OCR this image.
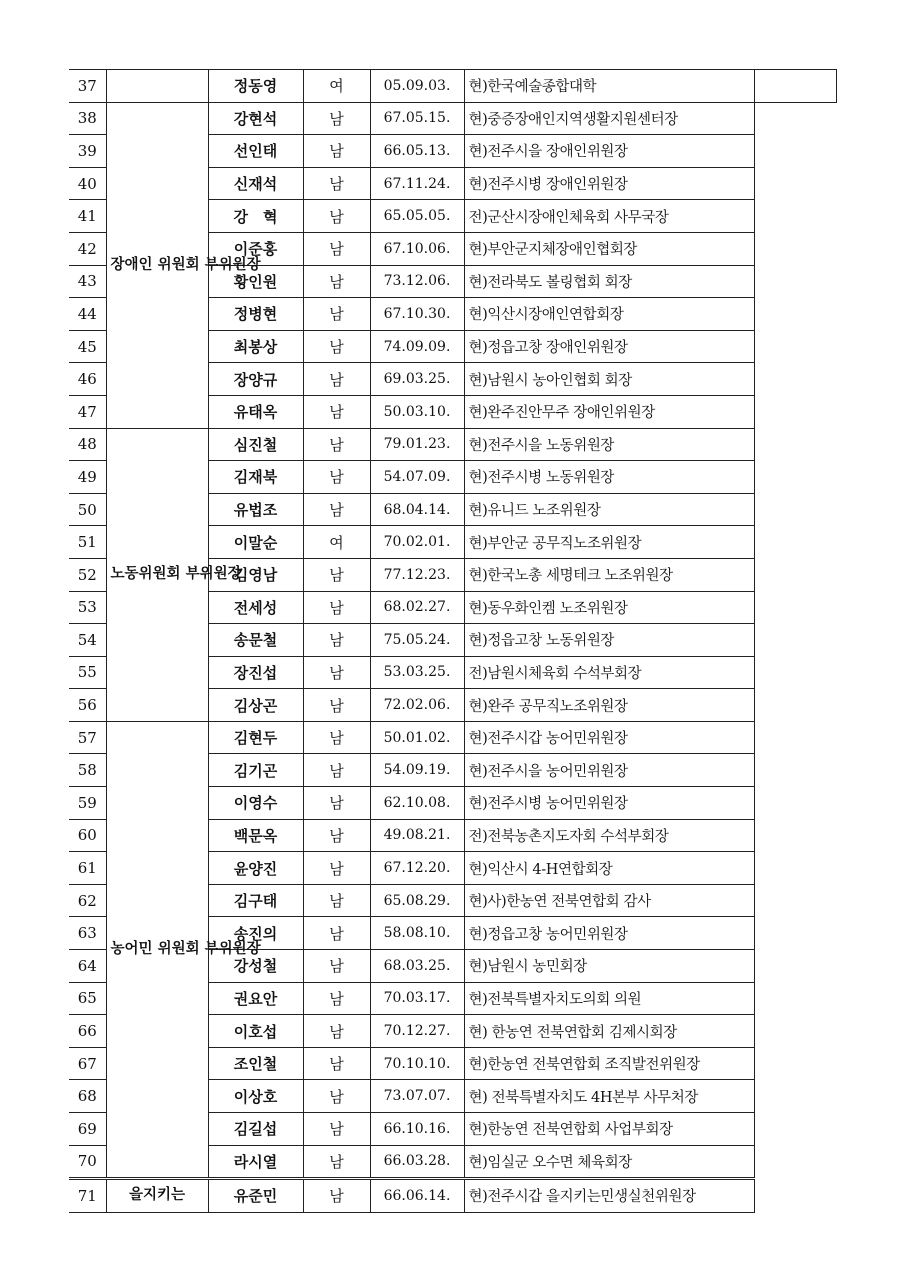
37		정동영	여	05.09.03.	현)한국예술종합대학	
38	장애인 위원회 부위원장	강현석	남	67.05.15.	현)중증장애인지역생활지원센터장	
39		선인태	남	66.05.13.	현)전주시을 장애인위원장	
40		신재석	남	67.11.24.	현)전주시병 장애인위원장	
41		강　혁	남	65.05.05.	전)군산시장애인체육회 사무국장	
42		이준홍	남	67.10.06.	현)부안군지체장애인협회장	
43		황인원	남	73.12.06.	현)전라북도 볼링협회 회장	
44		정병현	남	67.10.30.	현)익산시장애인연합회장	
45		최봉상	남	74.09.09.	현)정읍고창 장애인위원장	
46		장양규	남	69.03.25.	현)남원시 농아인협회 회장	
47		유태옥	남	50.03.10.	현)완주진안무주 장애인위원장	
48	노동위원회 부위원장	심진철	남	79.01.23.	현)전주시을 노동위원장	
49		김재북	남	54.07.09.	현)전주시병 노동위원장	
50		유법조	남	68.04.14.	현)유니드 노조위원장	
51		이말순	여	70.02.01.	현)부안군 공무직노조위원장	
52		김영남	남	77.12.23.	현)한국노총 세명테크 노조위원장	
53		전세성	남	68.02.27.	현)동우화인켐 노조위원장	
54		송문철	남	75.05.24.	현)정읍고창 노동위원장	
55		장진섭	남	53.03.25.	전)남원시체육회 수석부회장	
56		김상곤	남	72.02.06.	현)완주 공무직노조위원장	
57	농어민 위원회 부위원장	김현두	남	50.01.02.	현)전주시갑 농어민위원장	
58		김기곤	남	54.09.19.	현)전주시을 농어민위원장	
59		이영수	남	62.10.08.	현)전주시병 농어민위원장	
60		백문옥	남	49.08.21.	전)전북농촌지도자회 수석부회장	
61		윤양진	남	67.12.20.	현)익산시 4-H연합회장	
62		김구태	남	65.08.29.	현)사)한농연 전북연합회 감사	
63		송진의	남	58.08.10.	현)정읍고창 농어민위원장	
64		강성철	남	68.03.25.	현)남원시 농민회장	
65		권요안	남	70.03.17.	현)전북특별자치도의회 의원	
66		이호섭	남	70.12.27.	현) 한농연 전북연합회 김제시회장	
67		조인철	남	70.10.10.	현)한농연 전북연합회 조직발전위원장	
68		이상호	남	73.07.07.	현) 전북특별자치도 4H본부 사무처장	
69		김길섭	남	66.10.16.	현)한농연 전북연합회 사업부회장	
70		라시열	남	66.03.28.	현)임실군 오수면 체육회장	
71	을지키는	유준민	남	66.06.14.	현)전주시갑 을지키는민생실천위원장	
